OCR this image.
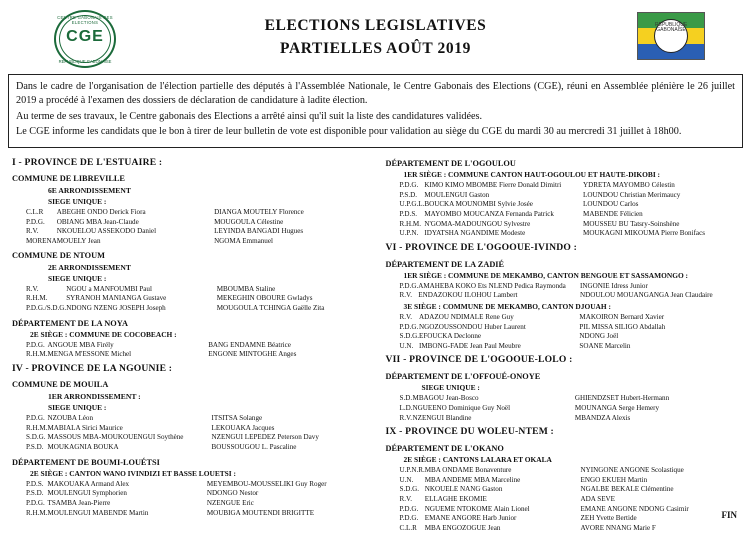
CENTRE GABONAIS DES ELECTIONS
CGE
REPUBLIQUE GABONAISE
ELECTIONS LEGISLATIVES
PARTIELLES AOÛT 2019
REPUBLIQUE GABONAISE

Dans le cadre de l'organisation de l'élection partielle des députés à l'Assemblée Nationale, le Centre Gabonais des Elections (CGE), réuni en Assemblée plénière le 26 juillet 2019 a procédé à l'examen des dossiers de déclaration de candidature à ladite élection.

Au terme de ses travaux, le Centre gabonais des Elections a arrêté ainsi qu'il suit la liste des candidatures validées.

Le CGE informe les candidats que le bon à tirer de leur bulletin de vote est disponible pour validation au siège du CGE du mardi 30 au mercredi 31 juillet à 18h00.

I - PROVINCE DE L'ESTUAIRE :
COMMUNE DE LIBREVILLE
6E ARRONDISSEMENT
SIEGE UNIQUE :
C.L.R	ABEGHE ONDO Derick Fiora	DIANGA MOUTELY Florence
P.D.G.	OBIANG MBA Jean-Claude	MOUGOULA Célestine
R.V.	NKOUELOU ASSEKODO Daniel	LEYINDA BANGADI Hugues
MORENA	MOUELY Jean	NGOMA Emmanuel
COMMUNE DE NTOUM
2E ARRONDISSEMENT
SIEGE UNIQUE :
R.V.	NGOU a MANFOUMBI Paul	MBOUMBA Staline
R.H.M.	SYRANOH MANIANGA Gustave	MEKEGHIN OBOURE Gwladys
P.D.G./S.D.G.	NDONG NZENG JOSEPH Joseph	MOUGOULA TCHINGA Gaëlle Zita
DÉPARTEMENT DE LA NOYA
2E SIÈGE : COMMUNE DE COCOBEACH :
P.D.G.	ANGOUE MBA Firély	BANG ENDAMNE Béatrice
R.H.M.	MENGA M'ESSONE Michel	ENGONE MINTOGHE Anges
IV - PROVINCE DE LA NGOUNIE :
COMMUNE DE MOUILA
1ER ARRONDISSEMENT :
SIEGE UNIQUE :
P.D.G.	NZOUBA Léon	ITSITSA Solange
R.H.M.	MABIALA Sirici Maurice	LEKOUAKA Jacques
S.D.G.	MASSOUS MBA-MOUKOUENGUI Soythène	NZENGUI LEPEDEZ Peterson Davy
P.S.D.	MOUKAGNIA BOUKA	BOUSSOUGOU L. Pascaline
DÉPARTEMENT DE BOUMI-LOUÉTSI
2E SIÈGE : CANTON WANO IVINDIZI ET BASSE LOUETSI :
P.D.S.	MAKOUAKA Armand Alex	MEYEMBOU-MOUSSELIKI Guy Roger
P.S.D.	MOULENGUI Symphorien	NDONGO Nestor
P.D.G.	TSAMBA Jean-Pierre	NZENGUE Eric
R.H.M.	MOULENGUI MABENDE Martin	MOUBIGA MOUTENDI BRIGITTE
DÉPARTEMENT DE L'OGOULOU
1ER SIÈGE : COMMUNE CANTON HAUT-OGOULOU ET HAUTE-DIKOBI :
P.D.G.	KIMO KIMO MBOMBE Fierre Donald Dimitri	YDRETA MAYOMBO Célestin
P.S.D.	MOULENGUI Gaston	LOUNDOU Christian Merimaucy
U.P.G.L.	BOUCKA MOUNOMBI Sylvie Josée	LOUNDOU Carlos
P.D.S.	MAYOMBO MOUCANZA Fernanda Patrick	MABENDE Félicien
R.H.M.	N'GOMA-MADOUNGOU Sylvestre	MOUSSEU BU Tatsry-Soinshène
U.P.N.	IDYATSHA NGANDIME Modeste	MOUKAGNI MIKOUMA Pierre Bonifacs
VI - PROVINCE DE L'OGOOUE-IVINDO :
DÉPARTEMENT DE LA ZADIÉ
1ER SIÈGE : COMMUNE DE MEKAMBO, CANTON BENGOUE ET SASSAMONGO :
P.D.G.	AMAHEBA KOKO Ets NLEND Pedica Raymonda	INGONIE Idress Junior
R.V.	ENDAZOKOU ILOHOU Lambert	NDOULOU MOUANGANGA Jean Claudaire
3E SIÈGE : COMMUNE DE MEKAMBO, CANTON DJOUAH :
R.V.	ADAZOU NDIMALE Rene Guy	MAKOIRON Bernard Xavier
P.D.G.	NGOZOUSSONDOU Huber Laurent	PIL MISSA SILIGO Abdallah
S.D.G.	EFOUCKA Declonne	NDONG Joël
U.N.	IMBONG-FADE Jean Paul Meubre	SOANE Marcelin
VII - PROVINCE DE L'OGOOUE-LOLO :
DÉPARTEMENT DE L'OFFOUÉ-ONOYE
SIEGE UNIQUE :
S.D.	MBAGOU Jean-Bosco	GHIENDZSET Hubert-Hermann
L.D.	NGUEENO Dominique Guy Noël	MOUNANGA Serge Hemery
R.V.	NZENGUI Blandine	MBANDZA Alexis
IX - PROVINCE DU WOLEU-NTEM :
DÉPARTEMENT DE L'OKANO
2E SIÈGE : CANTONS LALARA ET OKALA
U.P.N.R.	MBA ONDAME Bonaventure	NYINGONE ANGONE Scolastique
U.N.	MBA ANDEME MBA Marceline	ENGO EKUEH Martin
S.D.G.	NKOUELE NANG Gaston	NGALBE BEKALE Clémentine
R.V.	ELLAGHE EKOMIE	ADA SEVE
P.D.G.	NGUEME NTOKOME Alain Lionel	EMANE ANGONE NDONG Casimir
P.D.G.	EMANE ANGORE Harb Junior	ZEH Yvette Bertide
C.L.R	MBA ENGOZOGUE Jean	AVORE NNANG Marie F
FIN
